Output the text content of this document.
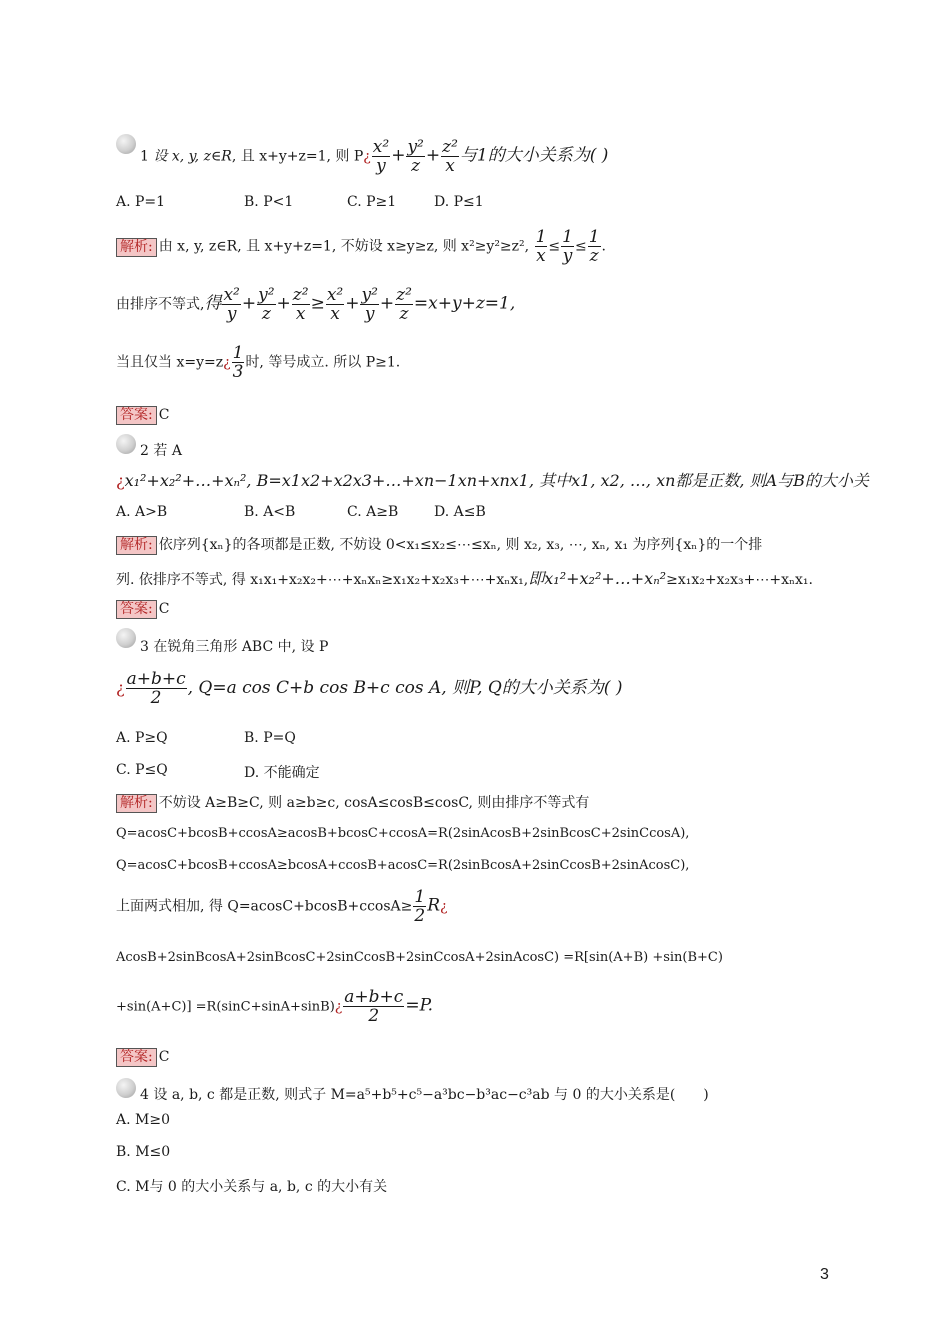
1 设 x, y, z∈R, 且 x+y+z=1, 则 P¿ $\frac{\text{x²}}{y} + \frac{\text{y²}}{z} + \frac{\text{z²}}{x}$ 与1的大小关系为( )
A. P=1	B. P<1	C. P≥1	D. P≤1
解析: 由 x, y, z∈R, 且 x+y+z=1, 不妨设 x≥y≥z, 则 x²≥y²≥z², $\frac{1}{x} \le \frac{1}{y} \le \frac{1}{z}$ .
由排序不等式,得 $\frac{\text{x²}}{y} + \frac{\text{y²}}{z} + \frac{\text{z²}}{x} \ge \frac{\text{x²}}{x} + \frac{\text{y²}}{y} + \frac{\text{z²}}{z} =x+y+z=1$,
当且仅当 x=y=z¿ $\frac{1}{3}$ 时, 等号成立. 所以 P≥1.
答案: C
2 若 A
¿x₁²+x₂²+…+xₙ², B=x1x2+x2x3+…+xn−1xn+xnx1, 其中x1, x2, …, xn都是正数, 则A与B的大小关
A. A>B	B. A<B	C. A≥B	D. A≤B
解析: 依序列{xₙ}的各项都是正数, 不妨设 0<x₁≤x₂≤⋯≤xₙ, 则 x₂, x₃, ⋯, xₙ, x₁ 为序列{xₙ}的一个排
列. 依排序不等式, 得 x₁x₁+x₂x₂+⋯+xₙxₙ≥x₁x₂+x₂x₃+⋯+xₙx₁,即x₁²+x₂²+…+xₙ²≥x₁x₂+x₂x₃+⋯+xₙx₁.
答案: C
3 在锐角三角形 ABC 中, 设 P
¿ $\frac{a+b+c}{2}$ , Q=a cos C+b cos B+c cos A, 则P, Q的大小关系为( )
A. P≥Q	B. P=Q
C. P≤Q	D. 不能确定
解析: 不妨设 A≥B≥C, 则 a≥b≥c, cosA≤cosB≤cosC, 则由排序不等式有
Q=acosC+bcosB+ccosA≥acosB+bcosC+ccosA=R(2sinAcosB+2sinBcosC+2sinCcosA),
Q=acosC+bcosB+ccosA≥bcosA+ccosB+acosC=R(2sinBcosA+2sinCcosB+2sinAcosC),
上面两式相加, 得 $Q=acosC+bcosB+ccosA\ge \frac{1}{2}$ R¿
AcosB+2sinBcosA+2sinBcosC+2sinCcosB+2sinCcosA+2sinAcosC) =R[sin(A+B) +sin(B+C)
+sin(A+C)] =R(sinC+sinA+sinB)¿ $\frac{a+b+c}{2} =P$.
答案: C
4 设 a, b, c 都是正数, 则式子 M=a⁵+b⁵+c⁵−a³bc−b³ac−c³ab 与 0 的大小关系是(　　)
A. M≥0
B. M≤0
C. M与 0 的大小关系与 a, b, c 的大小有关
3
